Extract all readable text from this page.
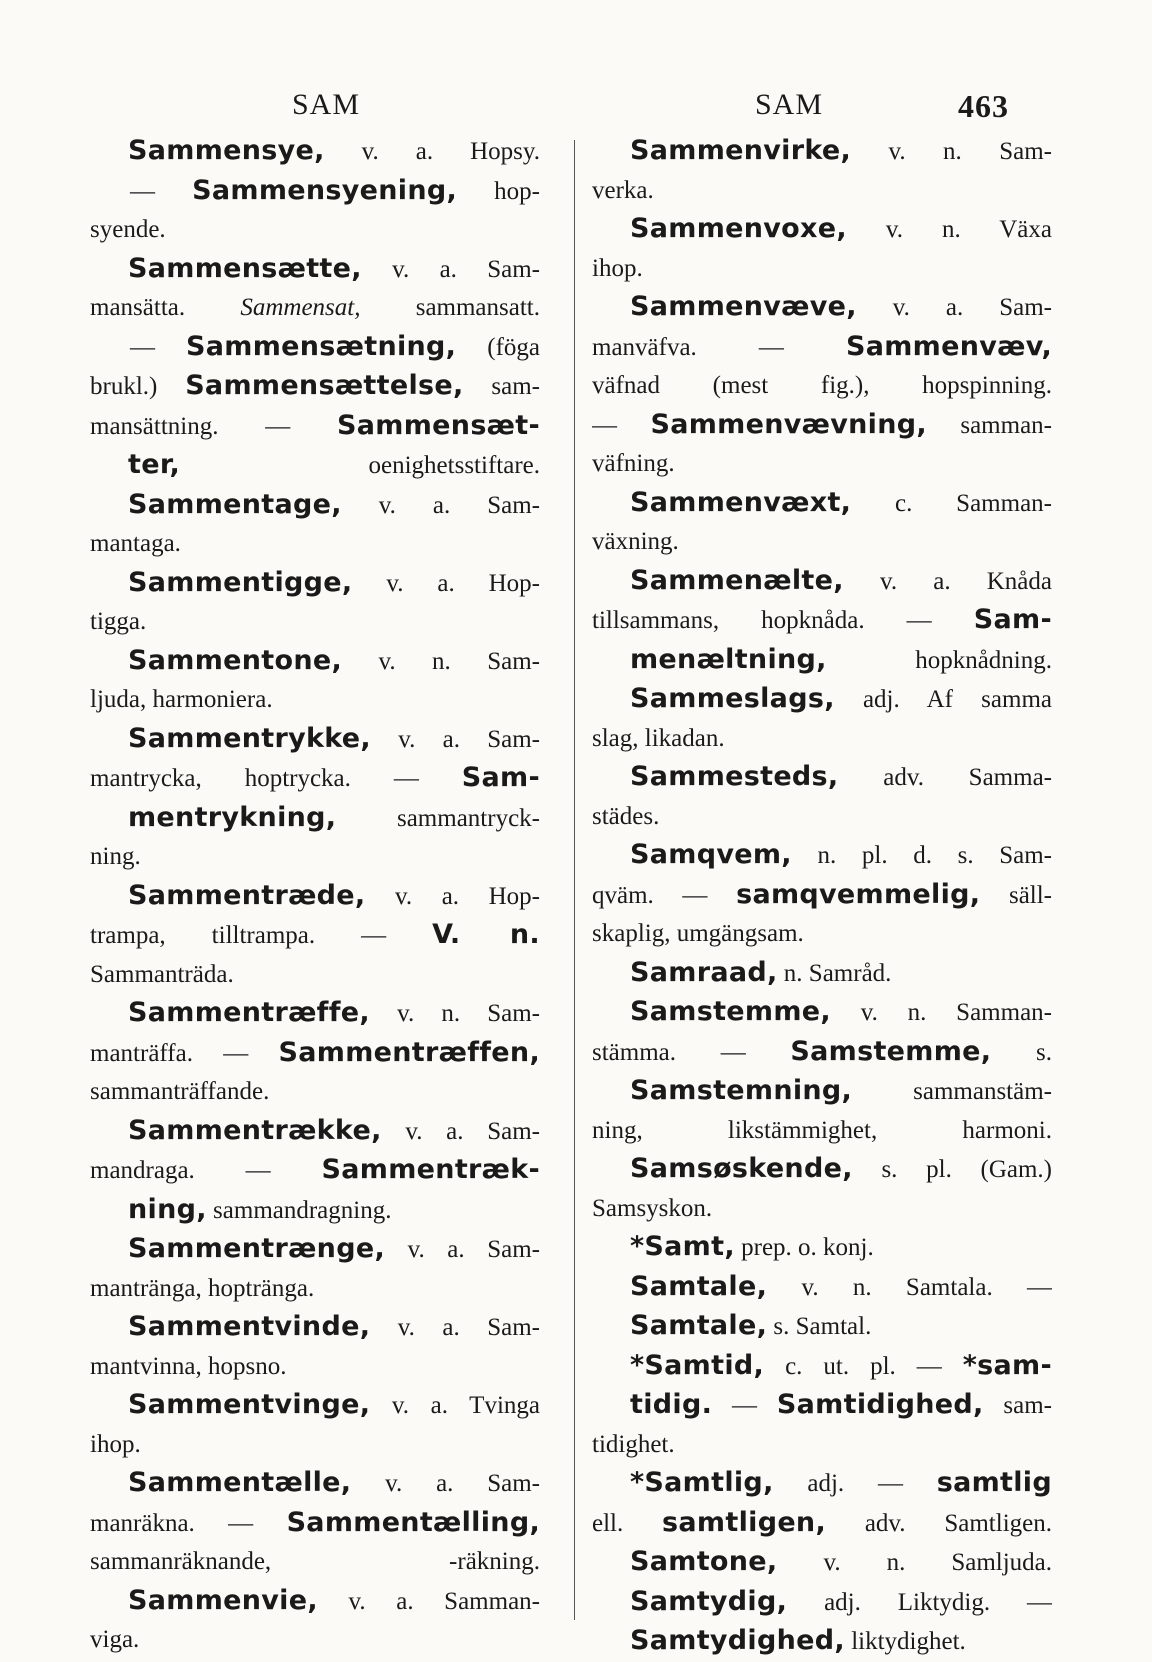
SAM	SAM	463
Sammensye, v. a. Hopsy.
— Sammensyening, hop-
syende.
Sammensætte, v. a. Sam-
mansätta. Sammensat, sammansatt.
— Sammensætning, (föga
brukl.) Sammensættelse, sam-
mansättning. — Sammensæt-
ter, oenighetsstiftare.
Sammentage, v. a. Sam-
mantaga.
Sammentigge, v. a. Hop-
tigga.
Sammentone, v. n. Sam-
ljuda, harmoniera.
Sammentrykke, v. a. Sam-
mantrycka, hoptrycka. — Sam-
mentrykning, sammantryck-
ning.
Sammentræde, v. a. Hop-
trampa, tilltrampa. — V. n.
Sammanträda.
Sammentræffe, v. n. Sam-
manträffa. — Sammentræffen,
sammanträffande.
Sammentrække, v. a. Sam-
mandraga. — Sammentræk-
ning, sammandragning.
Sammentrænge, v. a. Sam-
mantränga, hoptränga.
Sammentvinde, v. a. Sam-
mantvinna, hopsno.
Sammentvinge, v. a. Tvinga
ihop.
Sammentælle, v. a. Sam-
manräkna. — Sammentælling,
sammanräknande, -räkning.
Sammenvie, v. a. Samman-
viga.
Sammenvirke, v. n. Sam-
verka.
Sammenvoxe, v. n. Växa
ihop.
Sammenvæve, v. a. Sam-
manväfva. — Sammenvæv,
väfnad (mest fig.), hopspinning.
— Sammenvævning, samman-
väfning.
Sammenvæxt, c. Samman-
växning.
Sammenælte, v. a. Knåda
tillsammans, hopknåda. — Sam-
menæltning, hopknådning.
Sammeslags, adj. Af samma
slag, likadan.
Sammesteds, adv. Samma-
städes.
Samqvem, n. pl. d. s. Sam-
qväm. — samqvemmelig, säll-
skaplig, umgängsam.
Samraad, n. Samråd.
Samstemme, v. n. Samman-
stämma. — Samstemme, s.
Samstemning, sammanstäm-
ning, likstämmighet, harmoni.
Samsøskende, s. pl. (Gam.)
Samsyskon.
*Samt, prep. o. konj.
Samtale, v. n. Samtala. —
Samtale, s. Samtal.
*Samtid, c. ut. pl. — *sam-
tidig. — Samtidighed, sam-
tidighet.
*Samtlig, adj. — samtlig
ell. samtligen, adv. Samtligen.
Samtone, v. n. Samljuda.
Samtydig, adj. Liktydig. —
Samtydighed, liktydighet.
